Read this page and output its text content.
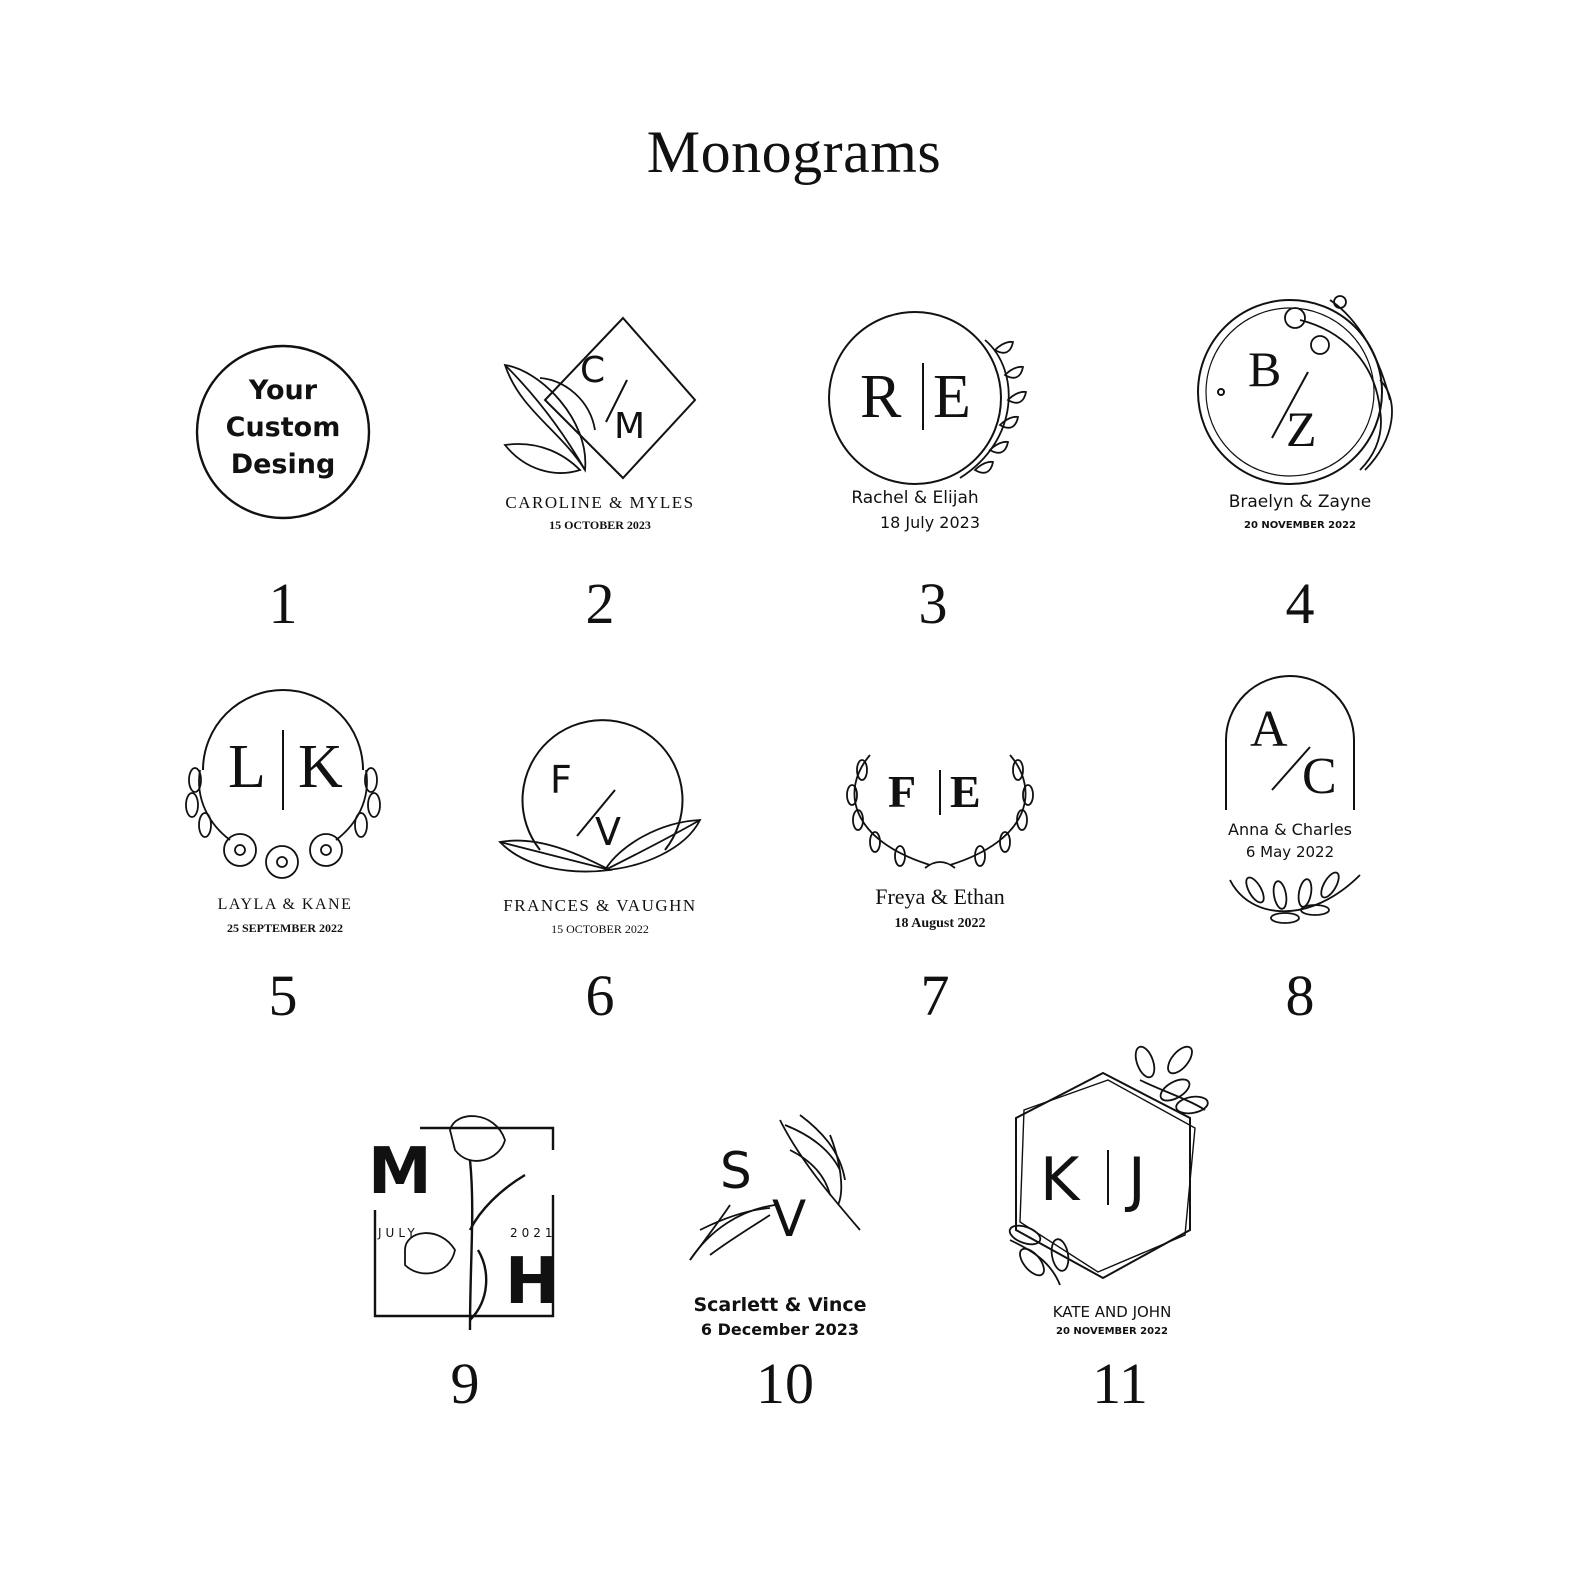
Monograms
Your
Custom
Desing
1
C
M
CAROLINE & MYLES
15 OCTOBER 2023
2
R E
Rachel & Elijah
18 July 2023
3
B
Z
Braelyn & Zayne
20 NOVEMBER 2022
4
L K
LAYLA & KANE
25 SEPTEMBER 2022
5
F
V
FRANCES & VAUGHN
15 OCTOBER 2022
6
F E
Freya & Ethan
18 August 2022
7
A
C
Anna & Charles
6 May 2022
8
M
H
JULY	2021
9
S
V
Scarlett & Vince
6 December 2023
10
K J
KATE AND JOHN
20 NOVEMBER 2022
11
